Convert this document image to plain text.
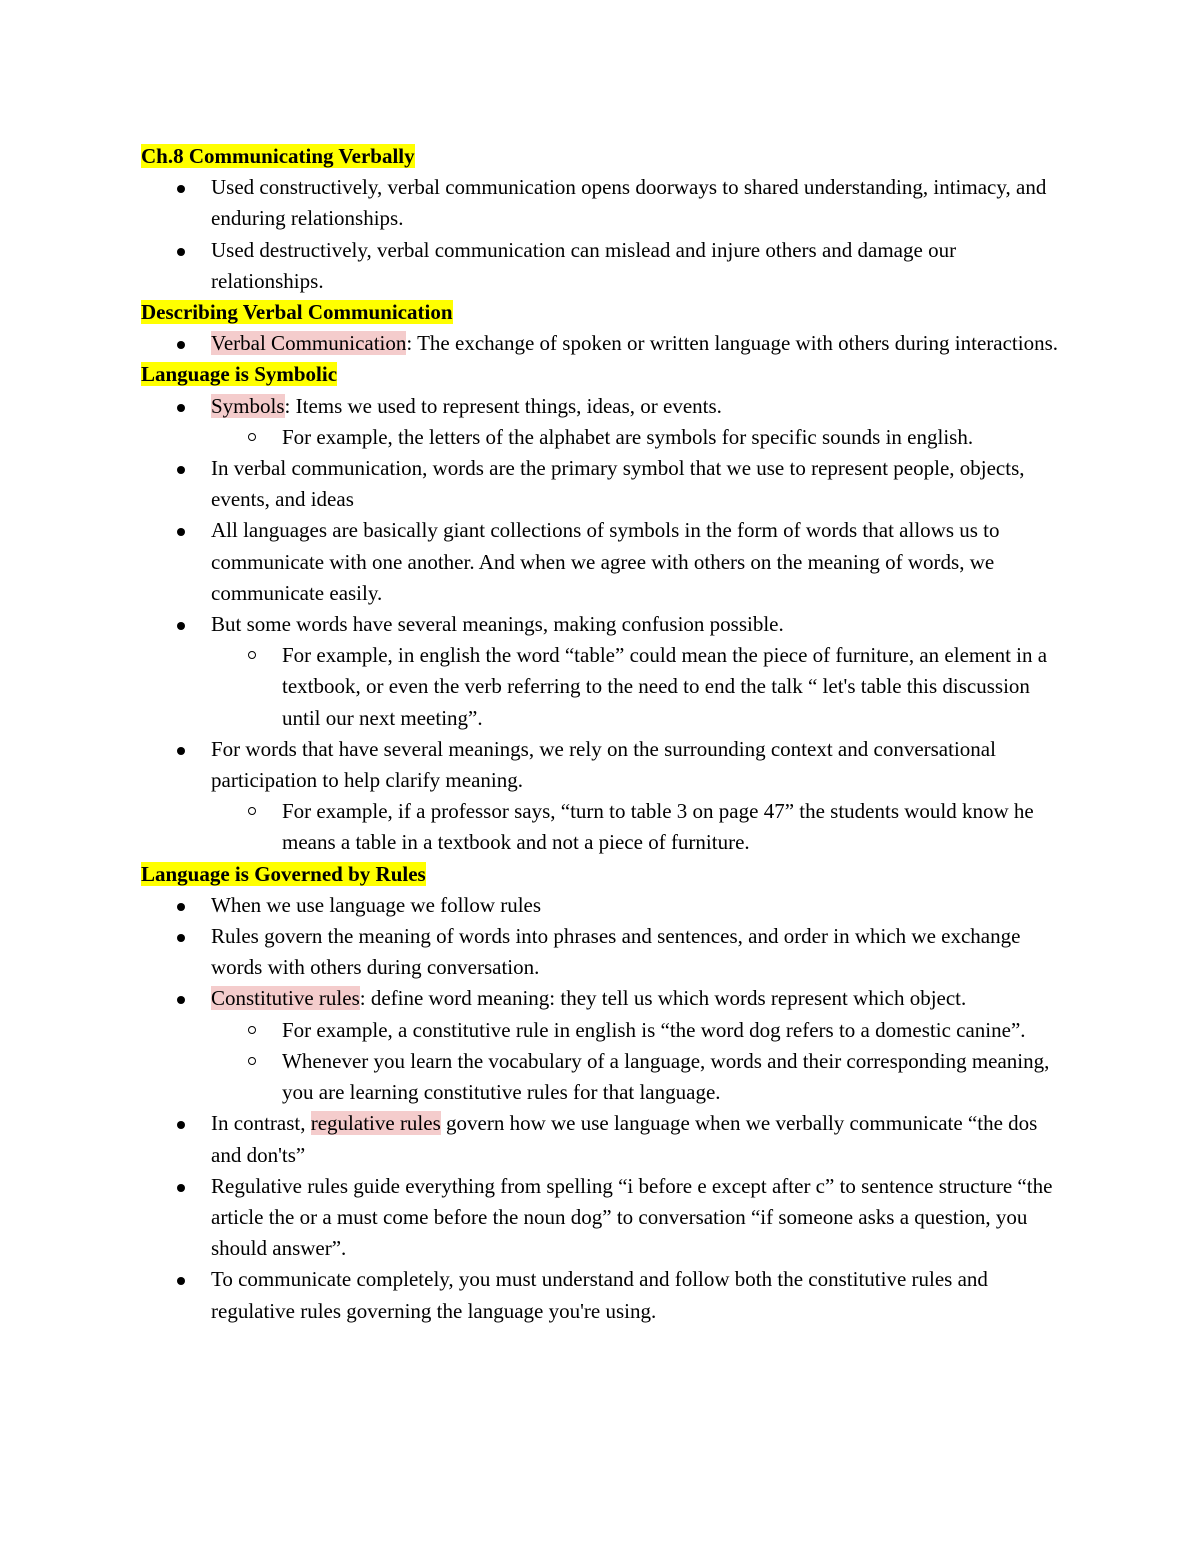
Ch.8 Communicating Verbally
Used constructively, verbal communication opens doorways to shared understanding, intimacy, and enduring relationships.
Used destructively, verbal communication can mislead and injure others and damage our relationships.
Describing Verbal Communication
Verbal Communication: The exchange of spoken or written language with others during interactions.
Language is Symbolic
Symbols: Items we used to represent things, ideas, or events.
For example, the letters of the alphabet are symbols for specific sounds in english.
In verbal communication, words are the primary symbol that we use to represent people, objects, events, and ideas
All languages are basically giant collections of symbols in the form of words that allows us to communicate with one another. And when we agree with others on the meaning of words, we communicate easily.
But some words have several meanings, making confusion possible.
For example, in english the word “table” could mean the piece of furniture, an element in a textbook, or even the verb referring to the need to end the talk “ let's table this discussion until our next meeting”.
For words that have several meanings, we rely on the surrounding context and conversational participation to help clarify meaning.
For example, if a professor says, “turn to table 3 on page 47” the students would know he means a table in a textbook and not a piece of furniture.
Language is Governed by Rules
When we use language we follow rules
Rules govern the meaning of words into phrases and sentences, and order in which we exchange words with others during conversation.
Constitutive rules: define word meaning: they tell us which words represent which object.
For example, a constitutive rule in english is “the word dog refers to a domestic canine”.
Whenever you learn the vocabulary of a language, words and their corresponding meaning, you are learning constitutive rules for that language.
In contrast, regulative rules govern how we use language when we verbally communicate “the dos and don'ts”
Regulative rules guide everything from spelling “i before e except after c” to sentence structure “the article the or a must come before the noun dog” to conversation “if someone asks a question, you should answer”.
To communicate completely, you must understand and follow both the constitutive rules and regulative rules governing the language you're using.
